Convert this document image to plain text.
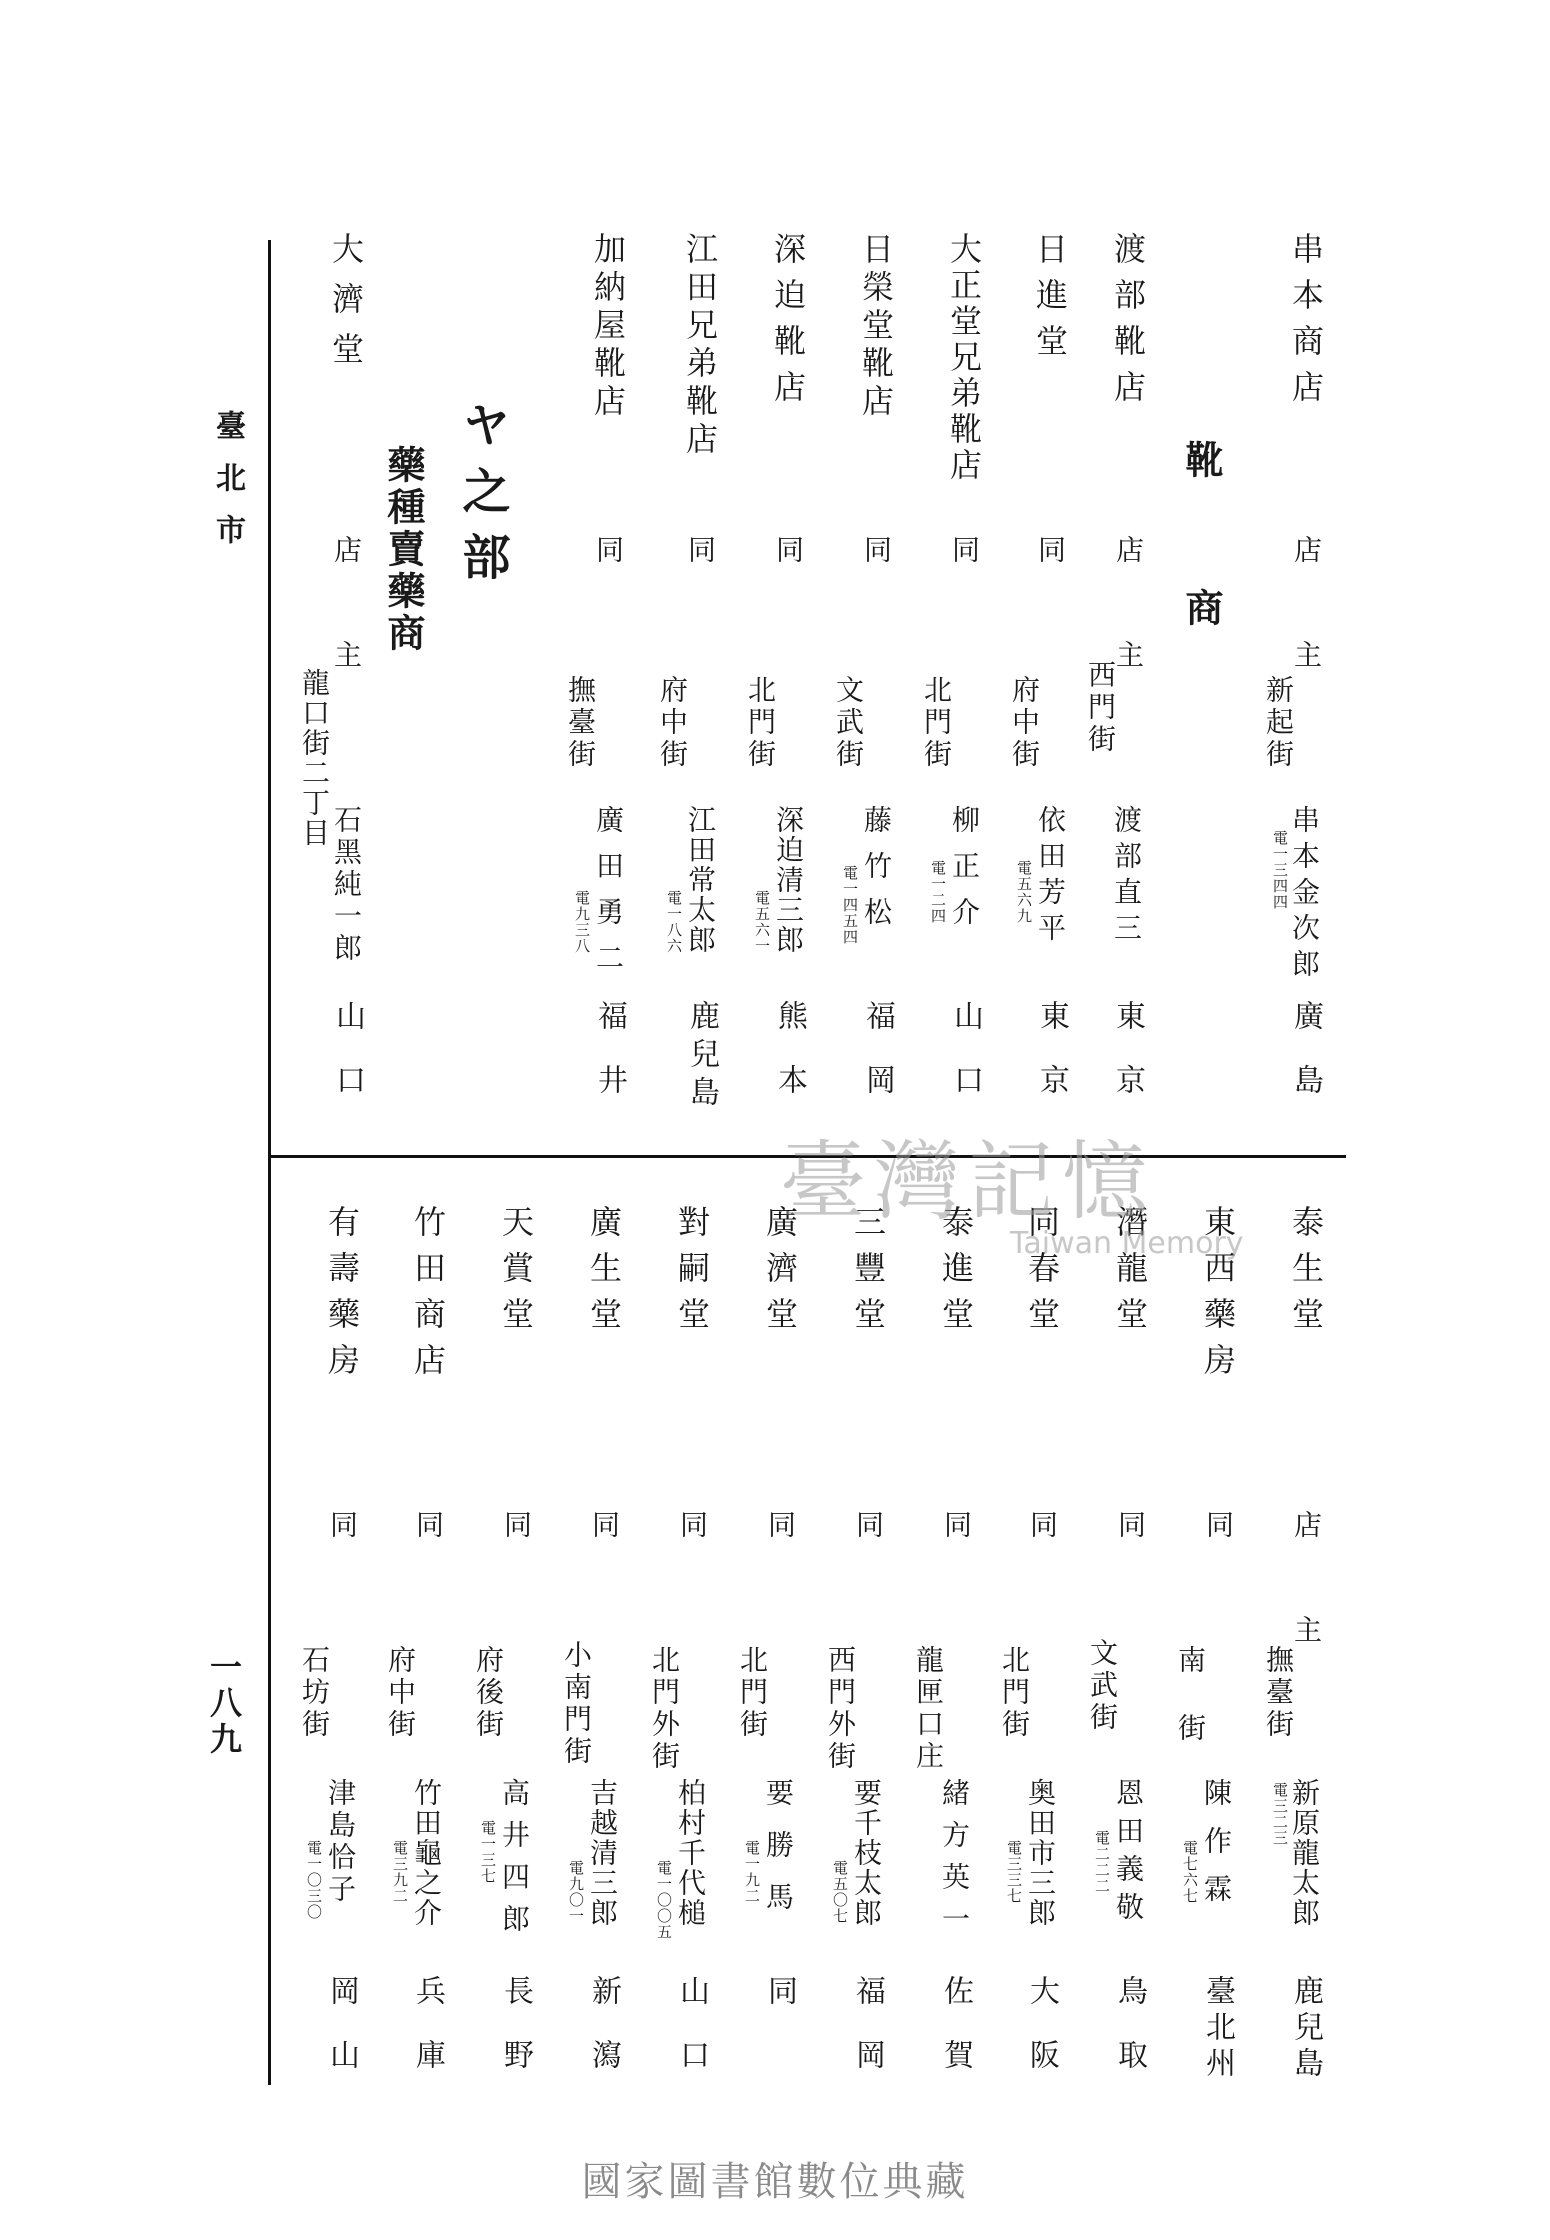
臺北市
一八九
串本商店
店
主
新起街
串本金次郎
電一三四四
廣島
靴商
渡部靴店
店
主
西門街
渡部直三
東京
日進堂
同
府中街
依田芳平
電五六九
東京
大正堂兄弟靴店
同
北門街
柳正介
電一二四
山口
日榮堂靴店
同
文武街
藤竹松
電一四五四
福岡
深迫靴店
同
北門街
深迫清三郎
電五六一
熊本
江田兄弟靴店
同
府中街
江田常太郎
電一八六
鹿兒島
加納屋靴店
同
撫臺街
廣田勇二
電九三八
福井
ヤ之部
藥種賣藥商
大濟堂
店
主
龍口街二丁目
石黑純一郎
山口
泰生堂
店
主
撫臺街
新原龍太郎
電三二三
鹿兒島
東西藥房
同
南街
陳作霖
電七六七
臺北州
潛龍堂
同
文武街
恩田義敬
電二二二
鳥取
同春堂
同
北門街
奥田市三郎
電三三七
大阪
泰進堂
同
龍匣口庄
緒方英一
佐賀
三豐堂
同
西門外街
要千枝太郎
電五〇七
福岡
廣濟堂
同
北門街
要勝馬
電一九二
同
對嗣堂
同
北門外街
柏村千代槌
電一〇〇五
山口
廣生堂
同
小南門街
吉越清三郎
電九〇一
新瀉
天賞堂
同
府後街
高井四郎
電一三七
長野
竹田商店
同
府中街
竹田龜之介
電三九二
兵庫
有壽藥房
同
石坊街
津島恰子
電一〇三〇
岡山
臺灣記憶
Taiwan Memory
國家圖書館數位典藏
